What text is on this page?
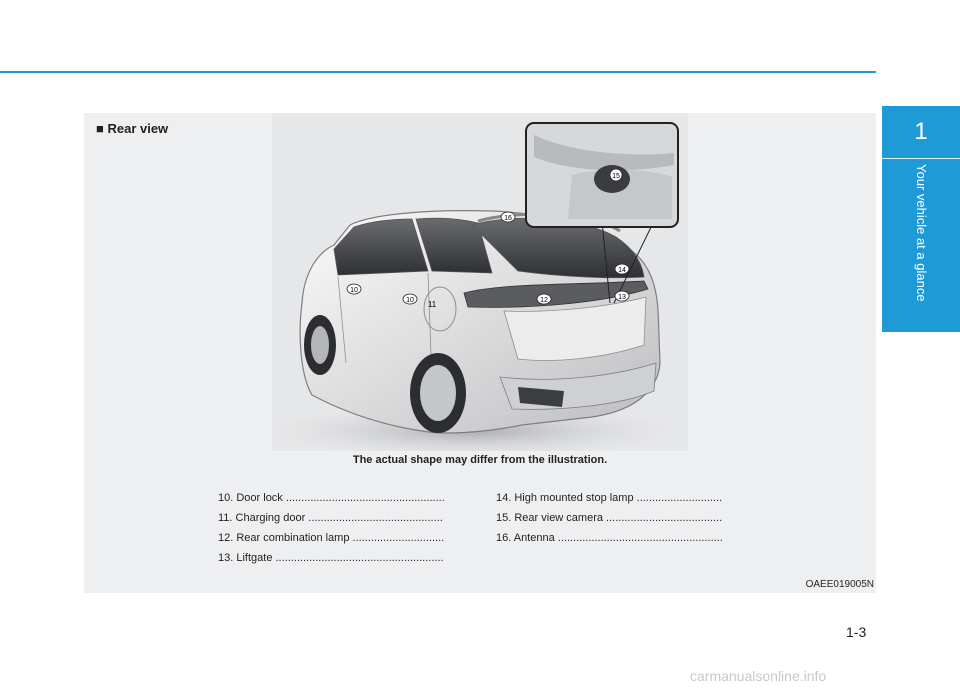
1
Your vehicle at a glance
■ Rear view
10
10 11	12	13
14
15
16
The actual shape may differ from the illustration.
10. Door lock ....................................................
11. Charging door ............................................
12. Rear combination lamp ..............................
13. Liftgate .......................................................
14. High mounted stop lamp ............................
15. Rear view camera ......................................
16. Antenna ......................................................
OAEE019005N
1-3
carmanualsonline.info
